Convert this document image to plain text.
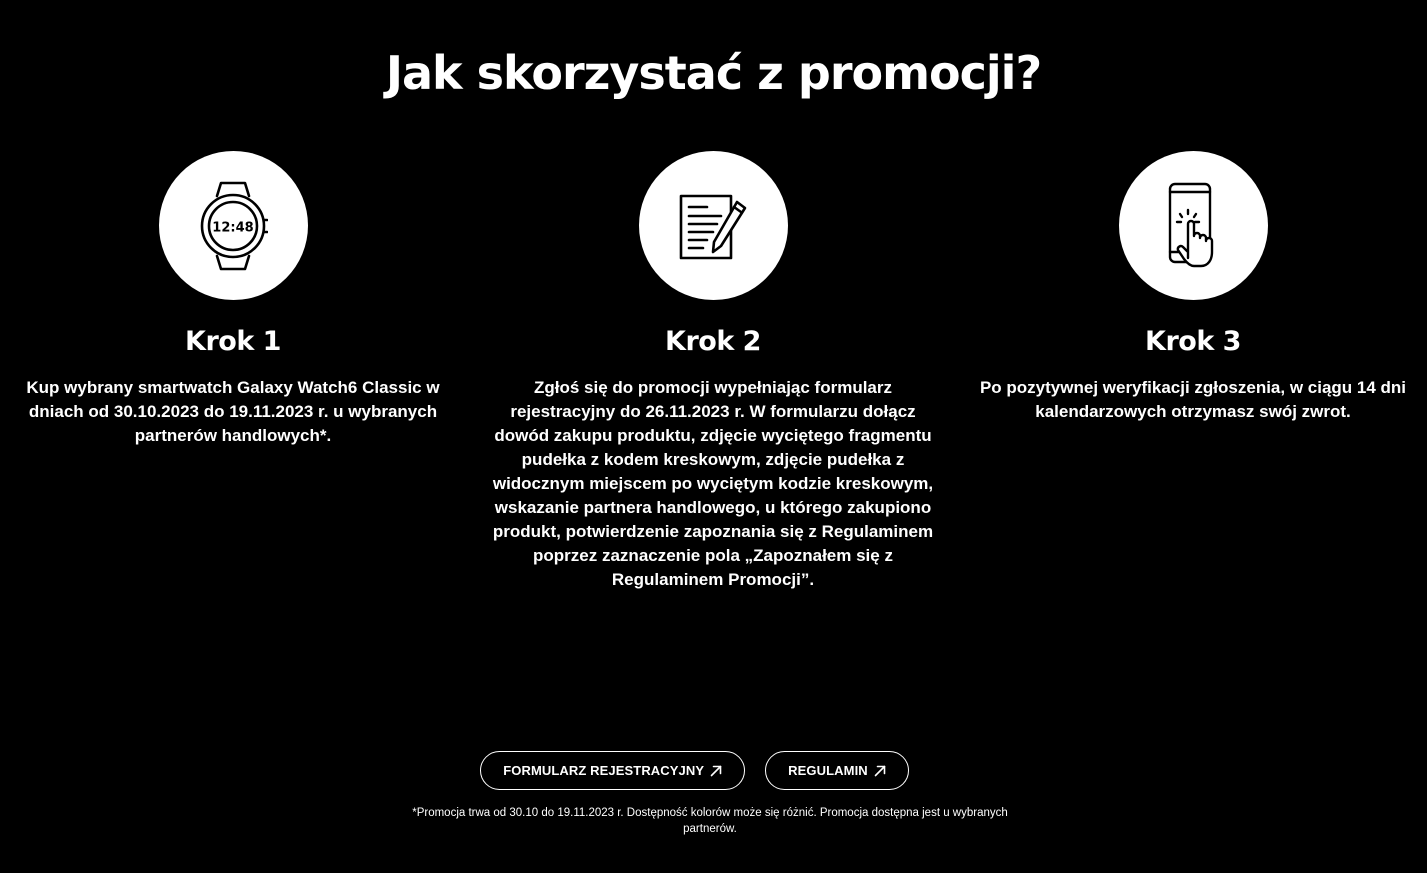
Jak skorzystać z promocji?
12:48
Krok 1

Kup wybrany smartwatch Galaxy Watch6 Classic w dniach od 30.10.2023 do 19.11.2023 r. u wybranych partnerów handlowych*.

Krok 2

Zgłoś się do promocji wypełniając formularz rejestracyjny do 26.11.2023 r. W formularzu dołącz dowód zakupu produktu, zdjęcie wyciętego fragmentu pudełka z kodem kreskowym, zdjęcie pudełka z widocznym miejscem po wyciętym kodzie kreskowym, wskazanie partnera handlowego, u którego zakupiono produkt, potwierdzenie zapoznania się z Regulaminem poprzez zaznaczenie pola „Zapoznałem się z Regulaminem Promocji”.

Krok 3

Po pozytywnej weryfikacji zgłoszenia, w ciągu 14 dni kalendarzowych otrzymasz swój zwrot.

FORMULARZ REJESTRACYJNY	REGULAMIN

*Promocja trwa od 30.10 do 19.11.2023 r. Dostępność kolorów może się różnić. Promocja dostępna jest u wybranych partnerów.
